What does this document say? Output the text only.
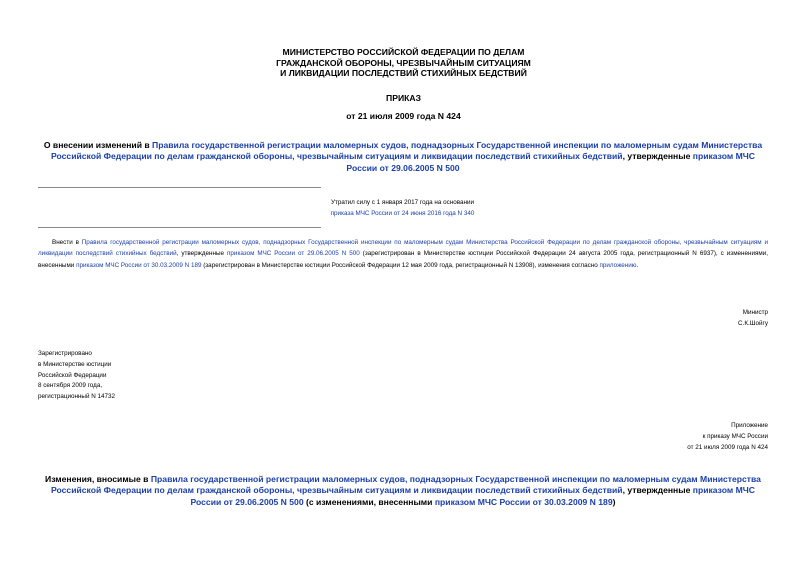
МИНИСТЕРСТВО РОССИЙСКОЙ ФЕДЕРАЦИИ ПО ДЕЛАМ
ГРАЖДАНСКОЙ ОБОРОНЫ, ЧРЕЗВЫЧАЙНЫМ СИТУАЦИЯМ
И ЛИКВИДАЦИИ ПОСЛЕДСТВИЙ СТИХИЙНЫХ БЕДСТВИЙ
ПРИКАЗ
от 21 июля 2009 года N 424
О внесении изменений в Правила государственной регистрации маломерных судов, поднадзорных Государственной инспекции по маломерным судам Министерства Российской Федерации по делам гражданской обороны, чрезвычайным ситуациям и ликвидации последствий стихийных бедствий, утвержденные приказом МЧС России от 29.06.2005 N 500
Утратил силу с 1 января 2017 года на основании
приказа МЧС России от 24 июня 2016 года N 340
Внести в Правила государственной регистрации маломерных судов, поднадзорных Государственной инспекции по маломерным судам Министерства Российской Федерации по делам гражданской обороны, чрезвычайным ситуациям и ликвидации последствий стихийных бедствий, утвержденные приказом МЧС России от 29.06.2005 N 500 (зарегистрирован в Министерстве юстиции Российской Федерации 24 августа 2005 года, регистрационный N 6937), с изменениями, внесенными приказом МЧС России от 30.03.2009 N 189 (зарегистрирован в Министерстве юстиции Российской Федерации 12 мая 2009 года, регистрационный N 13908), изменения согласно приложению.
Министр
С.К.Шойгу
Зарегистрировано
в Министерстве юстиции
Российской Федерации
8 сентября 2009 года,
регистрационный N 14732
Приложение
к приказу МЧС России
от 21 июля 2009 года N 424
Изменения, вносимые в Правила государственной регистрации маломерных судов, поднадзорных Государственной инспекции по маломерным судам Министерства Российской Федерации по делам гражданской обороны, чрезвычайным ситуациям и ликвидации последствий стихийных бедствий, утвержденные приказом МЧС России от 29.06.2005 N 500 (с изменениями, внесенными приказом МЧС России от 30.03.2009 N 189)
